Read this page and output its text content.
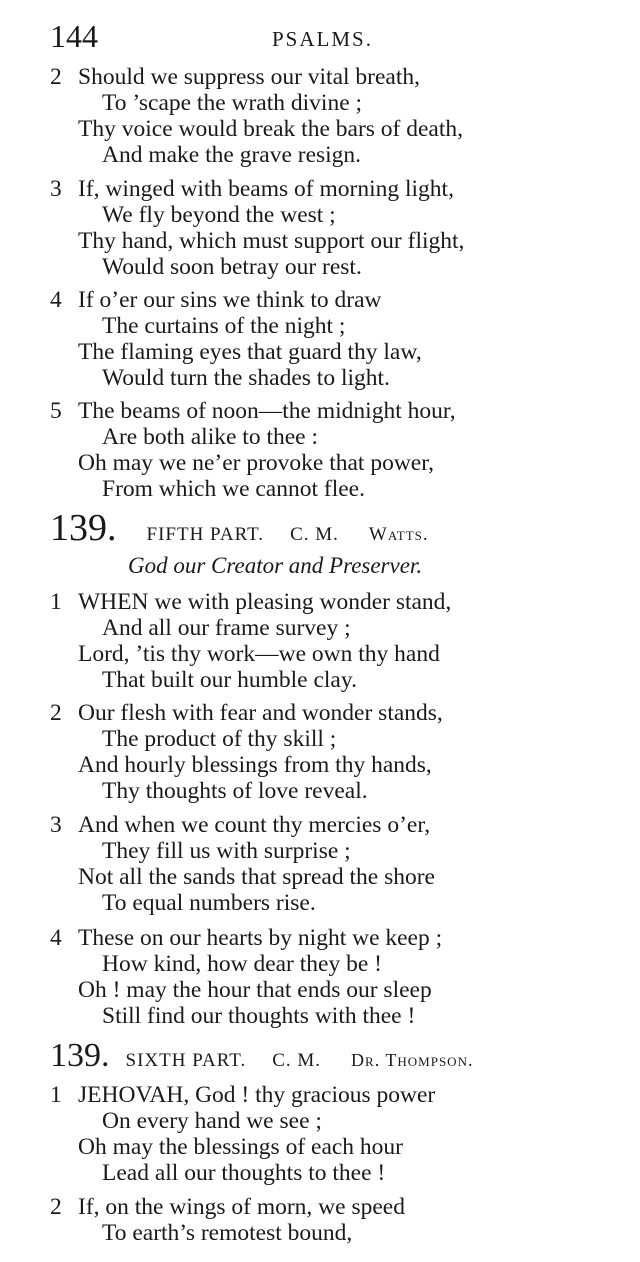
144	PSALMS.
2 Should we suppress our vital breath,
To ’scape the wrath divine ;
Thy voice would break the bars of death,
And make the grave resign.
3 If, winged with beams of morning light,
We fly beyond the west ;
Thy hand, which must support our flight,
Would soon betray our rest.
4 If o’er our sins we think to draw
The curtains of the night ;
The flaming eyes that guard thy law,
Would turn the shades to light.
5 The beams of noon—the midnight hour,
Are both alike to thee :
Oh may we ne’er provoke that power,
From which we cannot flee.
139. FIFTH PART. C. M. Watts.
God our Creator and Preserver.
1 WHEN we with pleasing wonder stand,
And all our frame survey ;
Lord, ’tis thy work—we own thy hand
That built our humble clay.
2 Our flesh with fear and wonder stands,
The product of thy skill ;
And hourly blessings from thy hands,
Thy thoughts of love reveal.
3 And when we count thy mercies o’er,
They fill us with surprise ;
Not all the sands that spread the shore
To equal numbers rise.
4 These on our hearts by night we keep ;
How kind, how dear they be !
Oh ! may the hour that ends our sleep
Still find our thoughts with thee !
139. SIXTH PART. C. M. Dr. Thompson.
1 JEHOVAH, God ! thy gracious power
On every hand we see ;
Oh may the blessings of each hour
Lead all our thoughts to thee !
2 If, on the wings of morn, we speed
To earth’s remotest bound,
